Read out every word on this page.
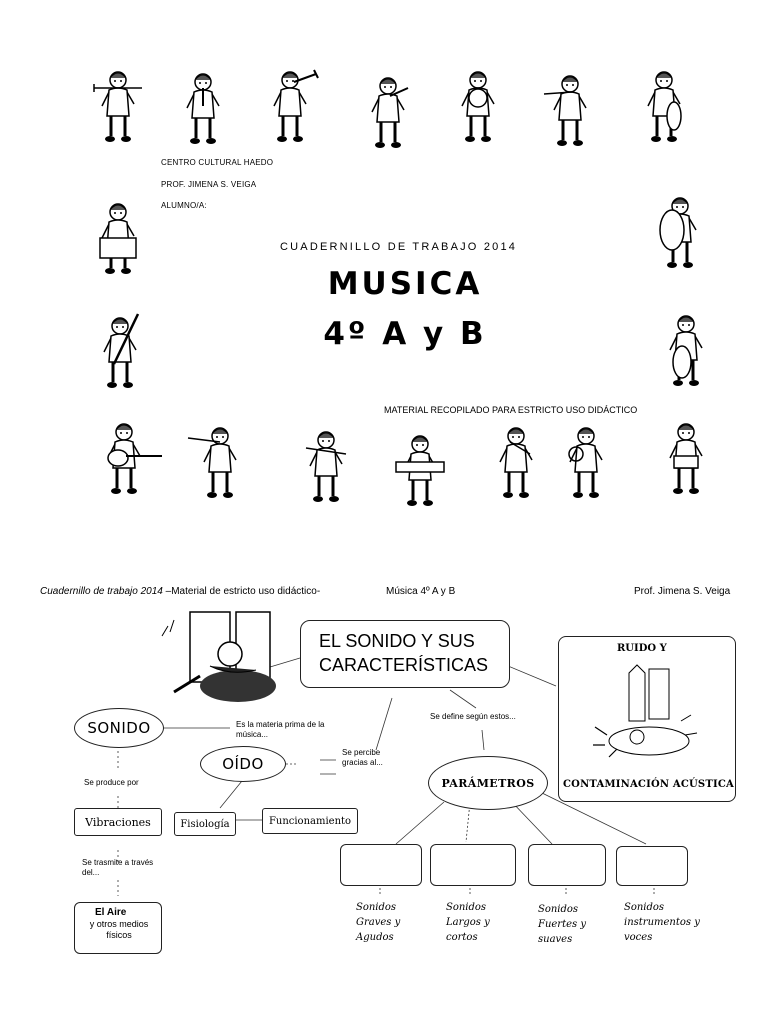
CENTRO CULTURAL HAEDO
PROF. JIMENA S. VEIGA
ALUMNO/A:
CUADERNILLO DE TRABAJO 2014
MUSICA
4º A y B
MATERIAL RECOPILADO PARA ESTRICTO USO DIDÁCTICO
Cuadernillo de trabajo 2014 –Material de estricto uso didáctico-	Música 4º A y B	Prof. Jimena S. Veiga
EL SONIDO Y SUS
CARACTERÍSTICAS
RUIDO Y
CONTAMINACIÓN ACÚSTICA
SONIDO	Es la materia prima de la música...
OÍDO
Se percibe gracias al...
Se define según estos...
PARÁMETROS
Se produce por
Vibraciones
Se trasmite a través del...
El Aire
y otros medios físicos
Fisiología	Funcionamiento
Sonidos Graves y Agudos
Sonidos Largos y cortos
Sonidos Fuertes y suaves
Sonidos instrumentos y voces
